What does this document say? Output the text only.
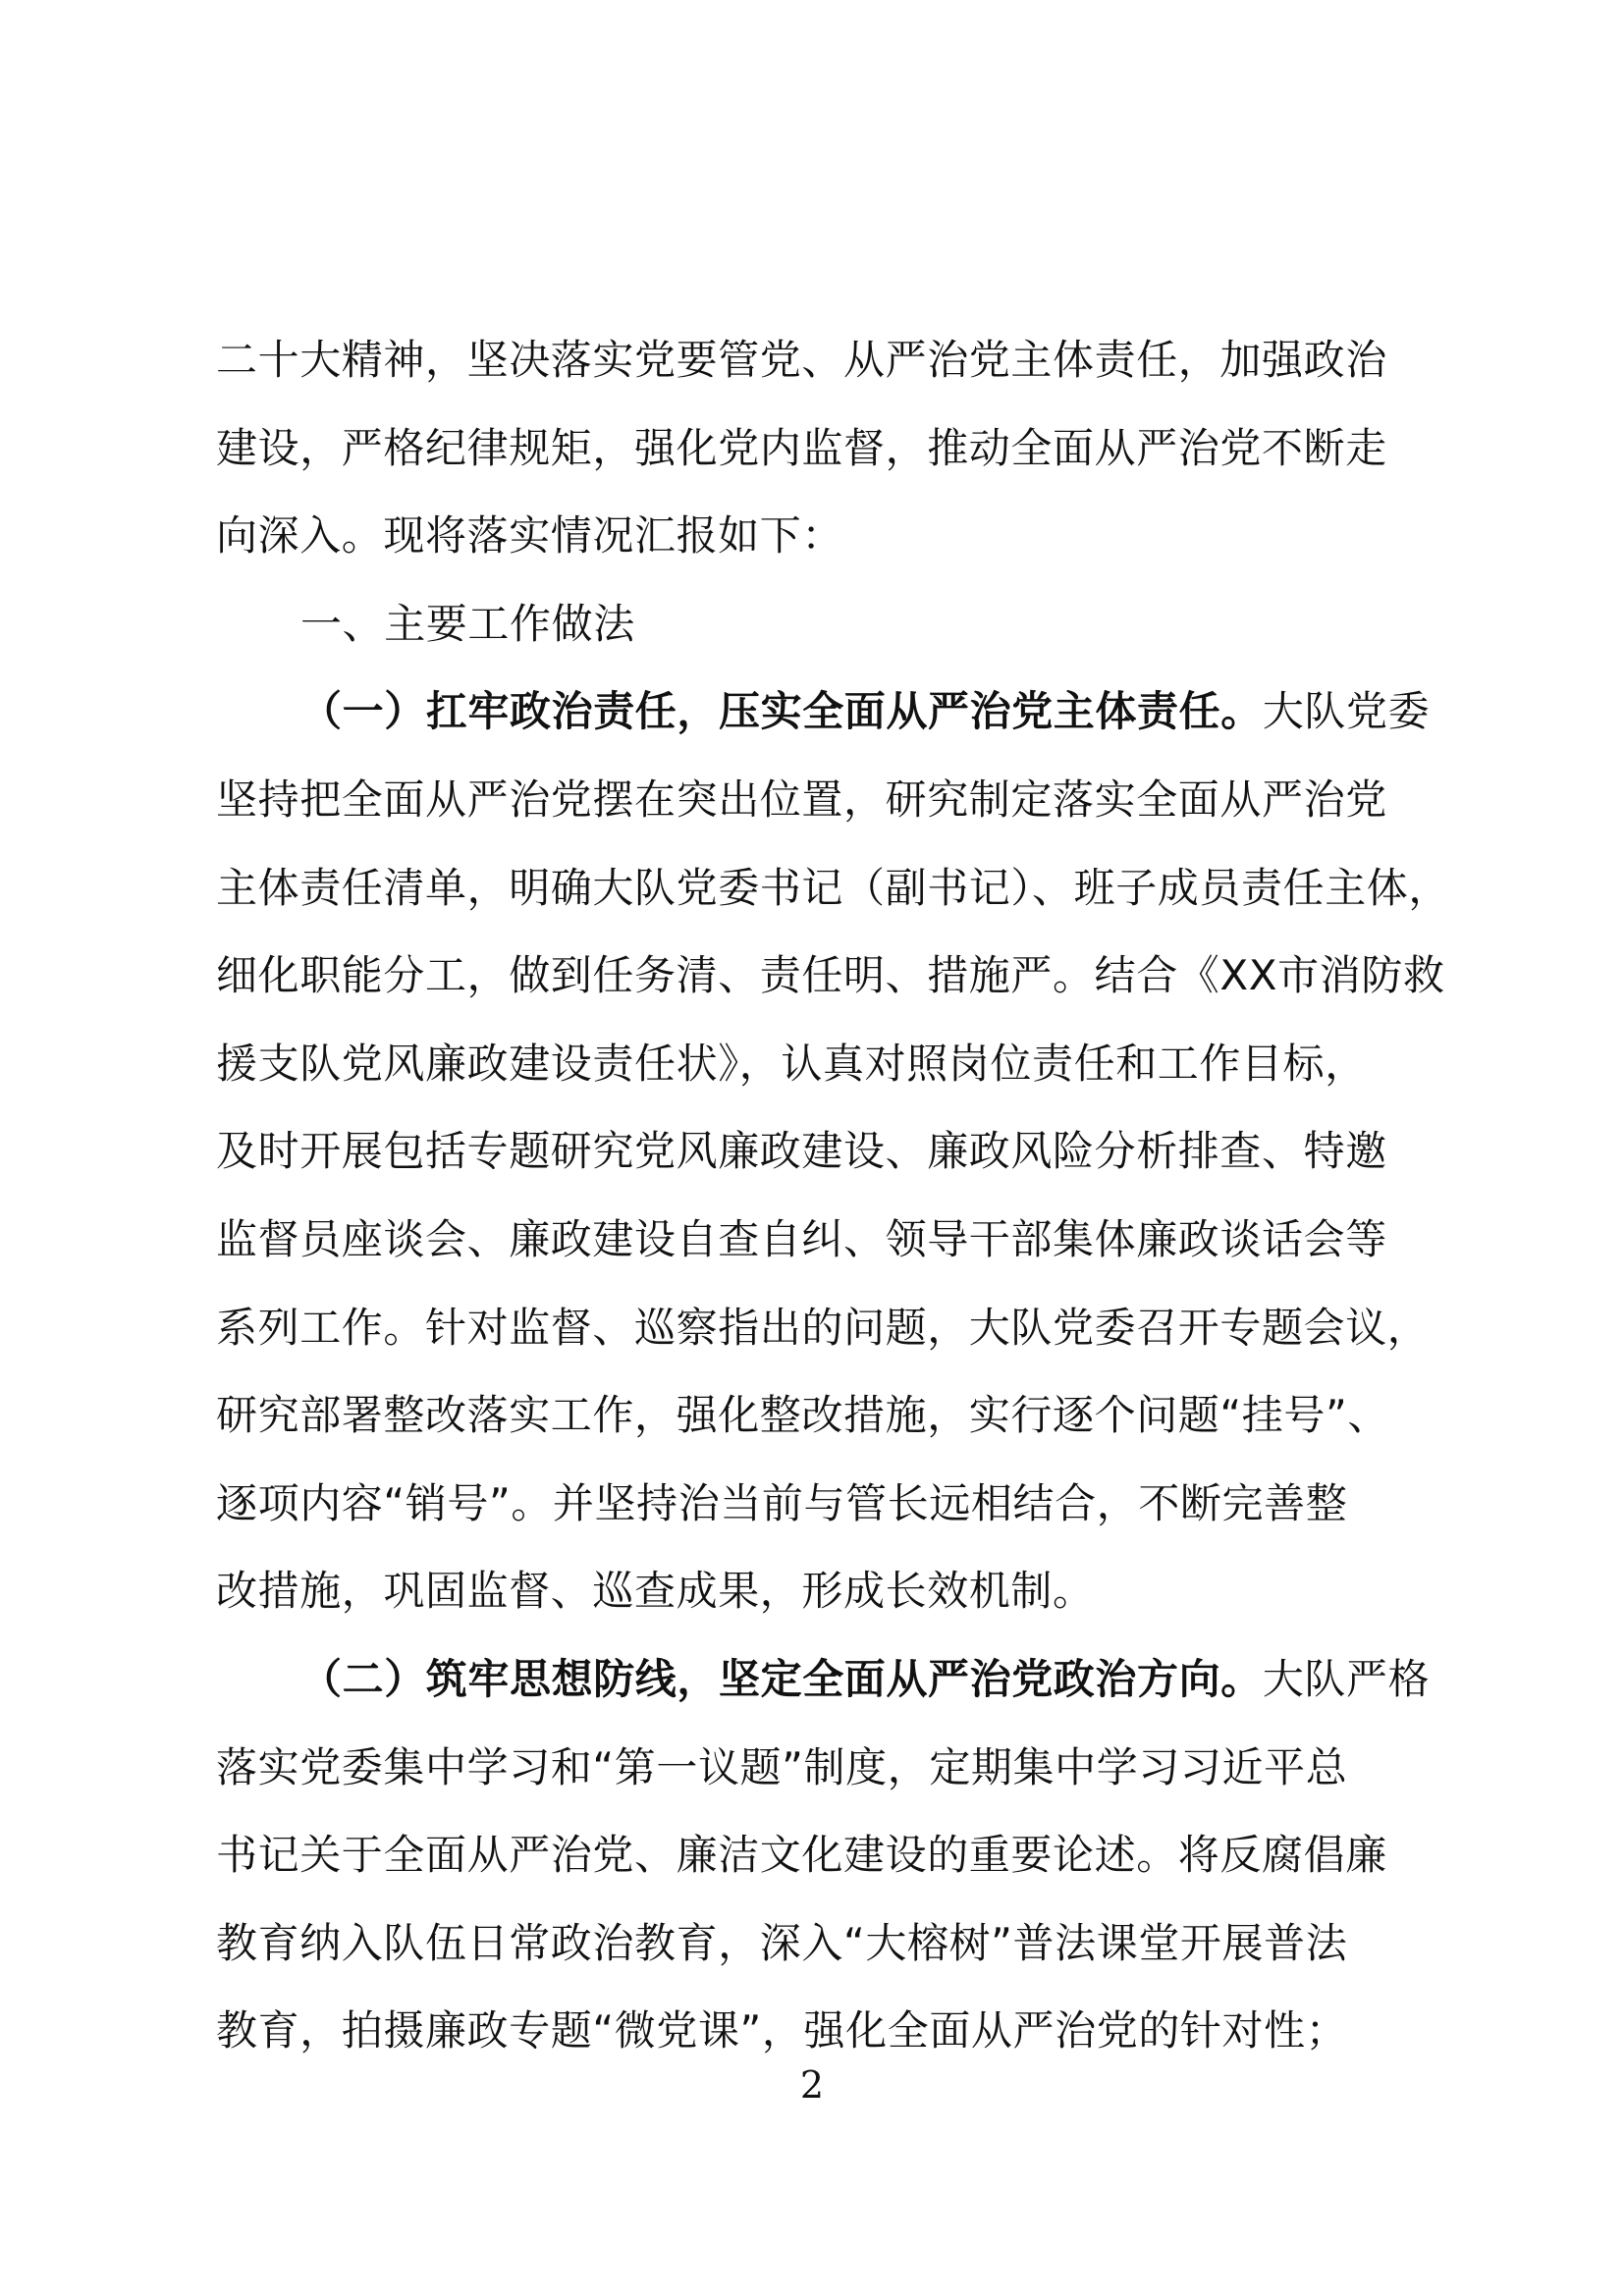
二十大精神，坚决落实党要管党、从严治党主体责任，加强政治
建设，严格纪律规矩，强化党内监督，推动全面从严治党不断走
向深入。现将落实情况汇报如下：
一、主要工作做法
（一）扛牢政治责任，压实全面从严治党主体责任。大队党委
坚持把全面从严治党摆在突出位置，研究制定落实全面从严治党
主体责任清单，明确大队党委书记（副书记）、班子成员责任主体，
细化职能分工，做到任务清、责任明、措施严。结合《XX市消防救
援支队党风廉政建设责任状》，认真对照岗位责任和工作目标，
及时开展包括专题研究党风廉政建设、廉政风险分析排查、特邀
监督员座谈会、廉政建设自查自纠、领导干部集体廉政谈话会等
系列工作。针对监督、巡察指出的问题，大队党委召开专题会议，
研究部署整改落实工作，强化整改措施，实行逐个问题“挂号”、
逐项内容“销号”。并坚持治当前与管长远相结合，不断完善整
改措施，巩固监督、巡查成果，形成长效机制。
（二）筑牢思想防线，坚定全面从严治党政治方向。大队严格
落实党委集中学习和“第一议题”制度，定期集中学习习近平总
书记关于全面从严治党、廉洁文化建设的重要论述。将反腐倡廉
教育纳入队伍日常政治教育，深入“大榕树”普法课堂开展普法
教育，拍摄廉政专题“微党课”，强化全面从严治党的针对性；
2
